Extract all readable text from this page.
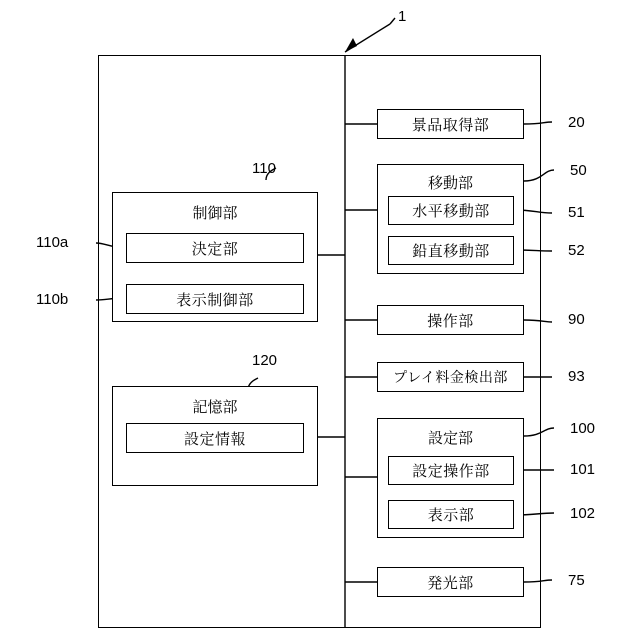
1
110
制御部
決定部
表示制御部
110a
110b
120
記憶部
設定情報
景品取得部	20
移動部
水平移動部
鉛直移動部
50
51
52
操作部	90
プレイ料金検出部	93
設定部
設定操作部
表示部
100
101
102
発光部	75
